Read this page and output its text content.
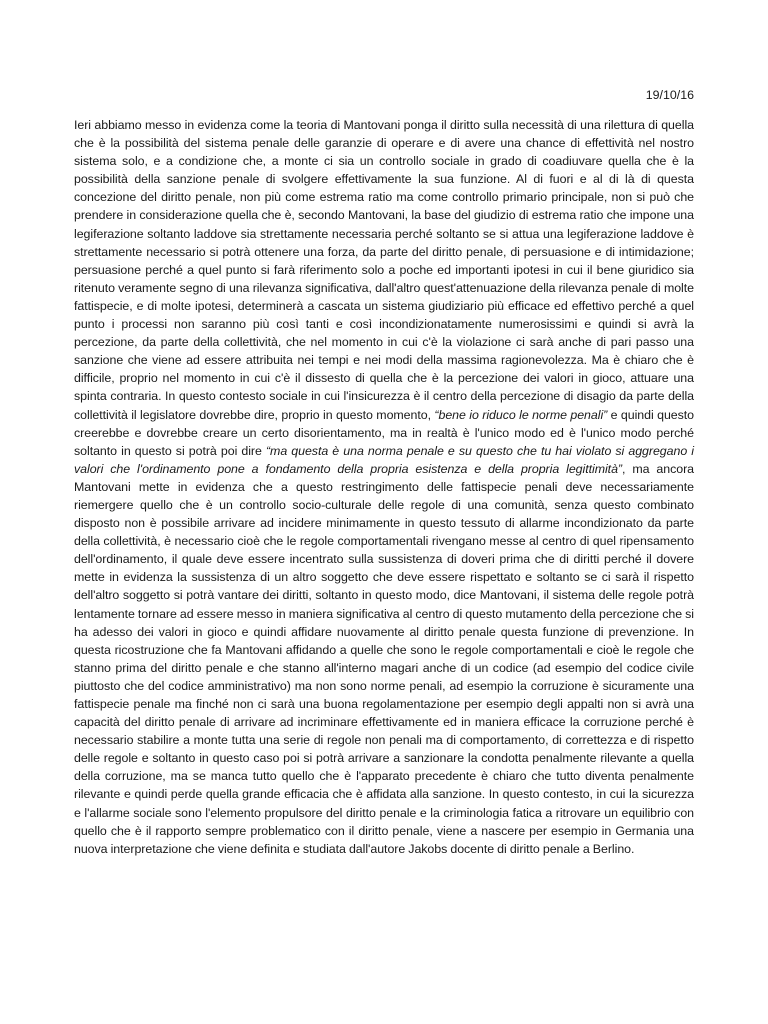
19/10/16

Ieri abbiamo messo in evidenza come la teoria di Mantovani ponga il diritto sulla necessità di una rilettura di quella che è la possibilità del sistema penale delle garanzie di operare e di avere una chance di effettività nel nostro sistema solo, e a condizione che, a monte ci sia un controllo sociale in grado di coadiuvare quella che è la possibilità della sanzione penale di svolgere effettivamente la sua funzione. Al di fuori e al di là di questa concezione del diritto penale, non più come estrema ratio ma come controllo primario principale, non si può che prendere in considerazione quella che è, secondo Mantovani, la base del giudizio di estrema ratio che impone una legiferazione soltanto laddove sia strettamente necessaria perché soltanto se si attua una legiferazione laddove è strettamente necessario si potrà ottenere una forza, da parte del diritto penale, di persuasione e di intimidazione; persuasione perché a quel punto si farà riferimento solo a poche ed importanti ipotesi in cui il bene giuridico sia ritenuto veramente segno di una rilevanza significativa, dall'altro quest'attenuazione della rilevanza penale di molte fattispecie, e di molte ipotesi, determinerà a cascata un sistema giudiziario più efficace ed effettivo perché a quel punto i processi non saranno più così tanti e così incondizionatamente numerosissimi e quindi si avrà la percezione, da parte della collettività, che nel momento in cui c'è la violazione ci sarà anche di pari passo una sanzione che viene ad essere attribuita nei tempi e nei modi della massima ragionevolezza. Ma è chiaro che è difficile, proprio nel momento in cui c'è il dissesto di quella che è la percezione dei valori in gioco, attuare una spinta contraria. In questo contesto sociale in cui l'insicurezza è il centro della percezione di disagio da parte della collettività il legislatore dovrebbe dire, proprio in questo momento, “bene io riduco le norme penali” e quindi questo creerebbe e dovrebbe creare un certo disorientamento, ma in realtà è l'unico modo ed è l'unico modo perché soltanto in questo si potrà poi dire “ma questa è una norma penale e su questo che tu hai violato si aggregano i valori che l'ordinamento pone a fondamento della propria esistenza e della propria legittimità”, ma ancora Mantovani mette in evidenza che a questo restringimento delle fattispecie penali deve necessariamente riemergere quello che è un controllo socio-culturale delle regole di una comunità, senza questo combinato disposto non è possibile arrivare ad incidere minimamente in questo tessuto di allarme incondizionato da parte della collettività, è necessario cioè che le regole comportamentali rivengano messe al centro di quel ripensamento dell'ordinamento, il quale deve essere incentrato sulla sussistenza di doveri prima che di diritti perché il dovere mette in evidenza la sussistenza di un altro soggetto che deve essere rispettato e soltanto se ci sarà il rispetto dell'altro soggetto si potrà vantare dei diritti, soltanto in questo modo, dice Mantovani, il sistema delle regole potrà lentamente tornare ad essere messo in maniera significativa al centro di questo mutamento della percezione che si ha adesso dei valori in gioco e quindi affidare nuovamente al diritto penale questa funzione di prevenzione. In questa ricostruzione che fa Mantovani affidando a quelle che sono le regole comportamentali e cioè le regole che stanno prima del diritto penale e che stanno all'interno magari anche di un codice (ad esempio del codice civile piuttosto che del codice amministrativo) ma non sono norme penali, ad esempio la corruzione è sicuramente una fattispecie penale ma finché non ci sarà una buona regolamentazione per esempio degli appalti non si avrà una capacità del diritto penale di arrivare ad incriminare effettivamente ed in maniera efficace la corruzione perché è necessario stabilire a monte tutta una serie di regole non penali ma di comportamento, di correttezza e di rispetto delle regole e soltanto in questo caso poi si potrà arrivare a sanzionare la condotta penalmente rilevante a quella della corruzione, ma se manca tutto quello che è l'apparato precedente è chiaro che tutto diventa penalmente rilevante e quindi perde quella grande efficacia che è affidata alla sanzione. In questo contesto, in cui la sicurezza e l'allarme sociale sono l'elemento propulsore del diritto penale e la criminologia fatica a ritrovare un equilibrio con quello che è il rapporto sempre problematico con il diritto penale, viene a nascere per esempio in Germania una nuova interpretazione che viene definita e studiata dall'autore Jakobs docente di diritto penale a Berlino.
